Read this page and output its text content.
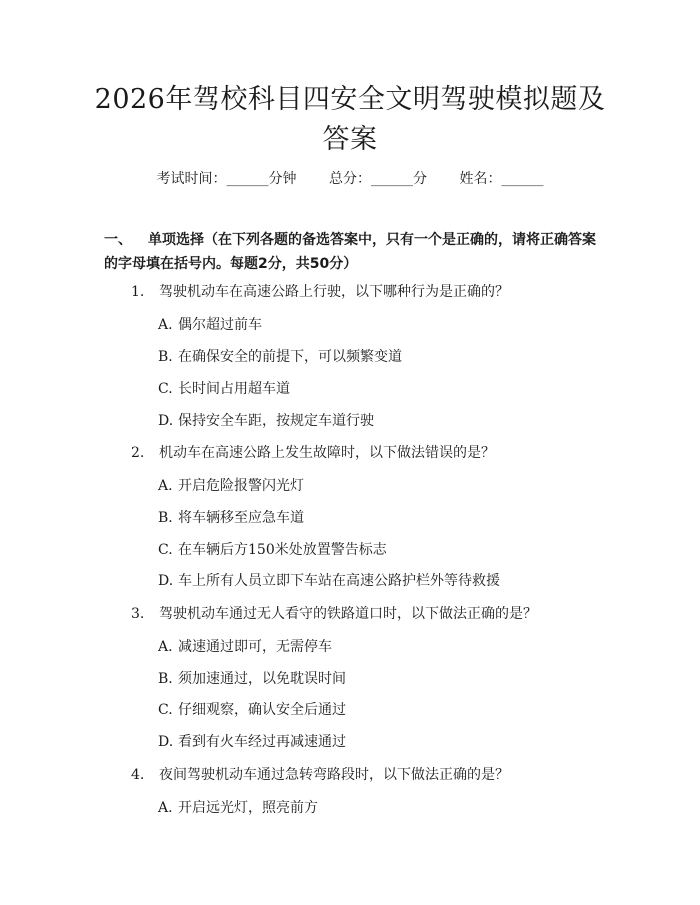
2026年驾校科目四安全文明驾驶模拟题及答案
考试时间：______分钟 总分：______分 姓名：______
一、 单项选择（在下列各题的备选答案中，只有一个是正确的，请将正确答案的字母填在括号内。每题2分，共50分）
1. 驾驶机动车在高速公路上行驶，以下哪种行为是正确的？
A. 偶尔超过前车
B. 在确保安全的前提下，可以频繁变道
C. 长时间占用超车道
D. 保持安全车距，按规定车道行驶
2. 机动车在高速公路上发生故障时，以下做法错误的是？
A. 开启危险报警闪光灯
B. 将车辆移至应急车道
C. 在车辆后方150米处放置警告标志
D. 车上所有人员立即下车站在高速公路护栏外等待救援
3. 驾驶机动车通过无人看守的铁路道口时，以下做法正确的是？
A. 减速通过即可，无需停车
B. 须加速通过，以免耽误时间
C. 仔细观察，确认安全后通过
D. 看到有火车经过再减速通过
4. 夜间驾驶机动车通过急转弯路段时，以下做法正确的是？
A. 开启远光灯，照亮前方
